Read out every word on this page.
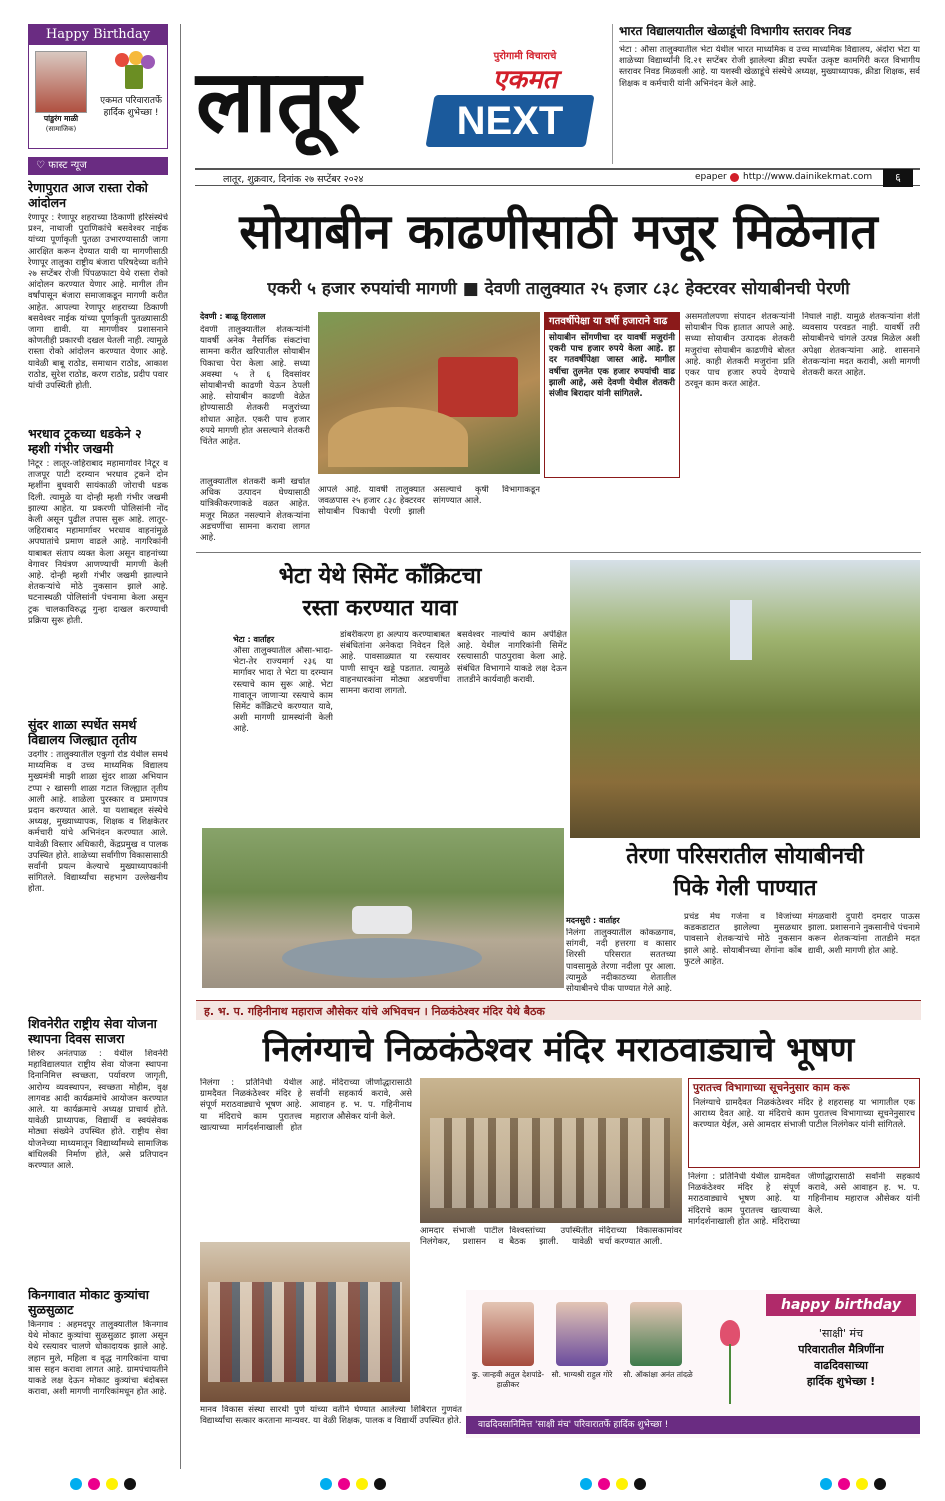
Happy Birthday
पांडुरंग माळी
(सामाजिक)
एकमत परिवारातर्फे हार्दिक शुभेच्छा !
♡ फास्ट न्यूज
रेणापुरात आज रास्ता रोको आंदोलन
रेणापूर : रेणापूर शहराच्या ठिकाणी हरिसंस्थेचे प्रश्‍न, नाथाजी पुराणिकांचे बसवेश्वर नाईक यांच्या पूर्णाकृती पुतळा उभारण्यासाठी जागा आरक्षित करून देण्यात यावी या मागणीसाठी रेणापूर तालुका राष्ट्रीय बंजारा परिषदेच्या वतीने २७ सप्टेंबर रोजी पिंपळफाटा येथे रास्ता रोको आंदोलन करण्यात येणार आहे. मागील तीन वर्षांपासून बंजारा समाजाकडून मागणी करीत आहेत. आपल्या रेणापूर शहराच्या ठिकाणी बसवेश्वर नाईक यांच्या पूर्णाकृती पुतळ्यासाठी जागा द्यावी. या मागणीवर प्रशासनाने कोणतीही प्रकारची दखल घेतली नाही. त्यामुळे रास्ता रोको आंदोलन करण्यात येणार आहे. यावेळी बाबू राठोड, समाधान राठोड, आकाश राठोड, सुरेश राठोड, करण राठोड, प्रदीप पवार यांची उपस्थिती होती.
भरधाव ट्रकच्या धडकेने २ म्हशी गंभीर जखमी
निटूर : लातूर-जहिराबाद महामार्गावर निटूर व ताजपूर पाटी दरम्यान भरधाव ट्रकने दोन म्हशींना बुधवारी सायंकाळी जोराची धडक दिली. त्यामुळे या दोन्ही म्हशी गंभीर जखमी झाल्या आहेत. या प्रकरणी पोलिसांनी नोंद केली असून पुढील तपास सुरू आहे. लातूर-जहिराबाद महामार्गावर भरधाव वाहनांमुळे अपघातांचे प्रमाण वाढले आहे. नागरिकांनी याबाबत संताप व्यक्त केला असून वाहनांच्या वेगावर नियंत्रण आणण्याची मागणी केली आहे. दोन्ही म्हशी गंभीर जखमी झाल्याने शेतकऱ्यांचे मोठे नुकसान झाले आहे. घटनास्थळी पोलिसांनी पंचनामा केला असून ट्रक चालकाविरुद्ध गुन्हा दाखल करण्याची प्रक्रिया सुरू होती.
सुंदर शाळा स्पर्धेत समर्थ विद्यालय जिल्ह्यात तृतीय
उदगीर : तालुक्यातील एकुर्गा रोड येथील समर्थ माध्यमिक व उच्च माध्यमिक विद्यालय मुख्यमंत्री माझी शाळा सुंदर शाळा अभियान टप्पा २ खासगी शाळा गटात जिल्ह्यात तृतीय आली आहे. शाळेला पुरस्कार व प्रमाणपत्र प्रदान करण्यात आले. या यशाबद्दल संस्थेचे अध्यक्ष, मुख्याध्यापक, शिक्षक व शिक्षकेतर कर्मचारी यांचे अभिनंदन करण्यात आले. यावेळी विस्तार अधिकारी, केंद्रप्रमुख व पालक उपस्थित होते. शाळेच्या सर्वांगीण विकासासाठी सर्वांनी प्रयत्न केल्याचे मुख्याध्यापकांनी सांगितले. विद्यार्थ्यांचा सहभाग उल्लेखनीय होता.
शिवनेरीत राष्ट्रीय सेवा योजना स्थापना दिवस साजरा
शिरुर अनंतपाळ : येथील शिवनेरी महाविद्यालयात राष्ट्रीय सेवा योजना स्थापना दिनानिमित्त स्वच्छता, पर्यावरण जागृती, आरोग्य व्यवस्थापन, स्वच्छता मोहीम, वृक्ष लागवड आदी कार्यक्रमांचे आयोजन करण्यात आले. या कार्यक्रमाचे अध्यक्ष प्राचार्य होते. यावेळी प्राध्यापक, विद्यार्थी व स्वयंसेवक मोठ्या संख्येने उपस्थित होते. राष्ट्रीय सेवा योजनेच्या माध्यमातून विद्यार्थ्यांमध्ये सामाजिक बांधिलकी निर्माण होते, असे प्रतिपादन करण्यात आले.
किनगावात मोकाट कुत्र्यांचा सुळसुळाट
किनगाव : अहमदपूर तालुक्यातील किनगाव येथे मोकाट कुत्र्यांचा सुळसुळाट झाला असून येथे रस्त्यावर चालणे धोकादायक झाले आहे. लहान मुले, महिला व वृद्ध नागरिकांना याचा त्रास सहन करावा लागत आहे. ग्रामपंचायतीने याकडे लक्ष देऊन मोकाट कुत्र्यांचा बंदोबस्त करावा, अशी मागणी नागरिकांमधून होत आहे.
लातूर	पुरोगामी विचाराचे
एकमत
NEXT
लातूर, शुक्रवार, दिनांक २७ सप्टेंबर २०२४	epaper http://www.dainikekmat.com	६
भारत विद्यालयातील खेळाडूंची विभागीय स्तरावर निवड
भेटा : औसा तालुक्यातील भेटा येथील भारत माध्यमिक व उच्च माध्यमिक विद्यालय, अंदोरा भेटा या शाळेच्या विद्यार्थ्यांनी दि.२१ सप्टेंबर रोजी झालेल्या क्रीडा स्पर्धेत उत्कृष्ट कामगिरी करत विभागीय स्तरावर निवड मिळवली आहे. या यशस्वी खेळाडूंचे संस्थेचे अध्यक्ष, मुख्याध्यापक, क्रीडा शिक्षक, सर्व शिक्षक व कर्मचारी यांनी अभिनंदन केले आहे.
सोयाबीन काढणीसाठी मजूर मिळेनात
एकरी ५ हजार रुपयांची मागणी ■ देवणी तालुक्यात २५ हजार ८३८ हेक्टरवर सोयाबीनची पेरणी
देवणी : बाळू हिरालाल
देवणी तालुक्यातील शेतकऱ्यांनी यावर्षी अनेक नैसर्गिक संकटांचा सामना करीत खरिपातील सोयाबीन पिकाचा पेरा केला आहे. सध्या अवस्था ५ ते ६ दिवसांवर सोयाबीनची काढणी येऊन ठेपली आहे. सोयाबीन काढणी वेळेत होण्यासाठी शेतकरी मजुरांच्या शोधात आहेत. एकरी पाच हजार रुपये मागणी होत असल्याने शेतकरी चिंतेत आहेत.
तालुक्यातील शेतकरी कमी खर्चात अधिक उत्पादन घेण्यासाठी यांत्रिकीकरणाकडे वळत आहेत. मजूर मिळत नसल्याने शेतकऱ्यांना अडचणींचा सामना करावा लागत आहे.
गतवर्षीपेक्षा या वर्षी हजाराने वाढ
सोयाबीन सोंगणीचा दर यावर्षी मजुरांनी एकरी पाच हजार रुपये केला आहे. हा दर गतवर्षीपेक्षा जास्त आहे. मागील वर्षीचा तुलनेत एक हजार रुपयांची वाढ झाली आहे, असे देवणी येथील शेतकरी संजीव बिरादार यांनी सांगितले.
आपले आहे. यावर्षी तालुक्यात जवळपास २५ हजार ८३८ हेक्टरवर सोयाबीन पिकाची पेरणी झाली असल्याचे कृषी विभागाकडून सांगण्यात आले.
असमतोलपणा संपादन शेतकऱ्यांनी सोयाबीन पिक हातात आपले आहे. सध्या सोयाबीन उत्पादक शेतकरी मजुरांचा सोयाबीन काढणीचे बोलत आहे. काही शेतकरी मजुरांना प्रति एकर पाच हजार रुपये देण्याचे ठरवून काम करत आहेत.
निघाले नाही. यामुळे शेतकऱ्यांना शेती व्यवसाय परवडत नाही. यावर्षी तरी सोयाबीनचे चांगले उत्पन्न मिळेल अशी अपेक्षा शेतकऱ्यांना आहे. शासनाने शेतकऱ्यांना मदत करावी, अशी मागणी शेतकरी करत आहेत.
भेटा येथे सिमेंट काँक्रिटचा
रस्ता करण्यात यावा
भेटा : वार्ताहर
औसा तालुक्यातील औसा-भादा-भेटा-तेर राज्यमार्ग २३६ या मार्गावर भादा ते भेटा या दरम्यान रस्त्याचे काम सुरू आहे. भेटा गावातून जाणाऱ्या रस्त्याचे काम सिमेंट काँक्रिटचे करण्यात यावे, अशी मागणी ग्रामस्थांनी केली आहे.
डांबरीकरण हा अल्पाय करण्याबाबत संबंधितांना अनेकदा निवेदन दिले आहे. पावसाळ्यात या रस्त्यावर पाणी साचून खड्डे पडतात. त्यामुळे वाहनधारकांना मोठ्या अडचणींचा सामना करावा लागतो.
बसवेश्वर नाल्यांचे काम अपेक्षित आहे. येथील नागरिकांनी सिमेंट रस्त्यासाठी पाठपुरावा केला आहे. संबंधित विभागाने याकडे लक्ष देऊन तातडीने कार्यवाही करावी.
तेरणा परिसरातील सोयाबीनची
पिके गेली पाण्यात
मदनसुरी : वार्ताहर
निलंगा तालुक्यातील कोकळगाव, सांगवी, नदी हत्तरगा व कासार शिरसी परिसरात सततच्या पावसामुळे तेरणा नदीला पूर आला. त्यामुळे नदीकाठच्या शेतातील सोयाबीनचे पीक पाण्यात गेले आहे.
प्रचंड मेघ गर्जना व विजांच्या कडकडाटात झालेल्या मुसळधार पावसाने शेतकऱ्यांचे मोठे नुकसान झाले आहे. सोयाबीनच्या शेंगांना कोंब फुटले आहेत.
मंगळवारी दुपारी दमदार पाऊस झाला. प्रशासनाने नुकसानीचे पंचनामे करून शेतकऱ्यांना तातडीने मदत द्यावी, अशी मागणी होत आहे.
ह. भ. प. गहिनीनाथ महाराज औसेकर यांचे अभिवचन । निळकंठेश्वर मंदिर येथे बैठक
निलंग्याचे निळकंठेश्वर मंदिर मराठवाड्याचे भूषण
निलंगा : प्रतिनिधी येथील ग्रामदैवत निळकंठेश्वर मंदिर हे संपूर्ण मराठवाड्याचे भूषण आहे. या मंदिराचे काम पुरातत्त्व खात्याच्या मार्गदर्शनाखाली होत आहे. मंदिराच्या जीर्णोद्धारासाठी सर्वांनी सहकार्य करावे, असे आवाहन ह. भ. प. गहिनीनाथ महाराज औसेकर यांनी केले.
आमदार संभाजी पाटील निलंगेकर, प्रशासन व विश्वस्तांच्या उपस्थितीत बैठक झाली. यावेळी मंदिराच्या विकासकामांवर चर्चा करण्यात आली.
पुरातत्त्व विभागाच्या सूचनेनुसार काम करू
निलंग्याचे ग्रामदैवत निळकंठेश्वर मंदिर हे शहरासह या भागातील एक आराध्य दैवत आहे. या मंदिराचे काम पुरातत्त्व विभागाच्या सूचनेनुसारच करण्यात येईल, असे आमदार संभाजी पाटील निलंगेकर यांनी सांगितले.
निलंगा : प्रतिनिधी येथील ग्रामदैवत निळकंठेश्वर मंदिर हे संपूर्ण मराठवाड्याचे भूषण आहे. या मंदिराचे काम पुरातत्त्व खात्याच्या मार्गदर्शनाखाली होत आहे. मंदिराच्या जीर्णोद्धारासाठी सर्वांनी सहकार्य करावे, असे आवाहन ह. भ. प. गहिनीनाथ महाराज औसेकर यांनी केले.
मानव विकास संस्था सारथी पुणे यांच्या वतीने घेण्यात आलेल्या शिबिरात गुणवंत विद्यार्थ्यांचा सत्कार करताना मान्यवर. या वेळी शिक्षक, पालक व विद्यार्थी उपस्थित होते.
happy birthday
कु. जान्हवी अतुल देशपांडे-हाळीकर
सौ. भाग्यश्री राहुल गोरे	सौ. ऑकांक्षा अनंत तांदळे
'साक्षी' मंच
परिवारातील मैत्रिणींना
वाढदिवसाच्या
हार्दिक शुभेच्छा !
वाढदिवसानिमित्त 'साक्षी मंच' परिवारातर्फे हार्दिक शुभेच्छा !
